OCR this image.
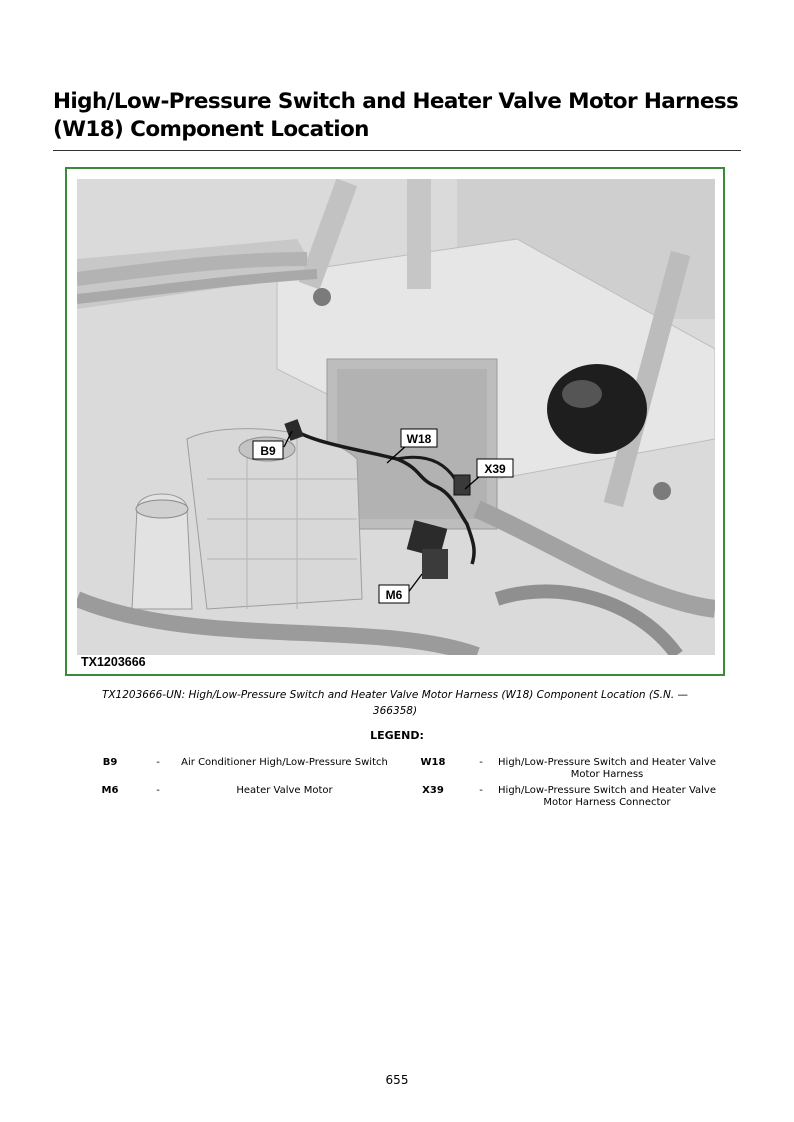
High/Low-Pressure Switch and Heater Valve Motor Harness (W18) Component Location
B9
W18
X39
M6
TX1203666
TX1203666-UN: High/Low-Pressure Switch and Heater Valve Motor Harness (W18) Component Location (S.N. —366358)
LEGEND:
B9	-	Air Conditioner High/Low-Pressure Switch	W18	-	High/Low-Pressure Switch and Heater Valve Motor Harness
M6	-	Heater Valve Motor	X39	-	High/Low-Pressure Switch and Heater Valve Motor Harness Connector
655
